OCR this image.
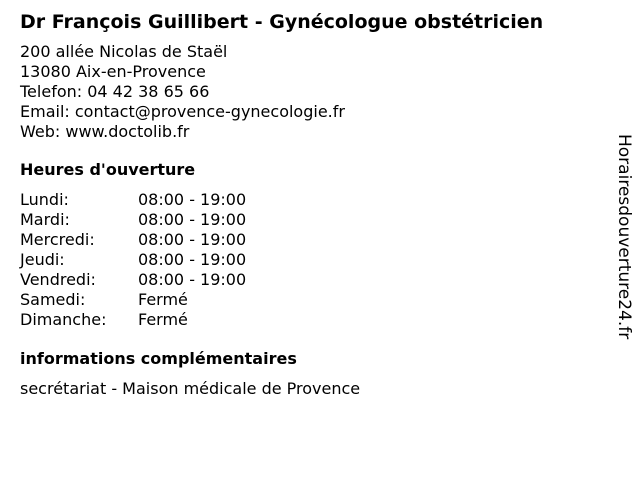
Dr François Guillibert - Gynécologue obstétricien
200 allée Nicolas de Staël
13080 Aix-en-Provence
Telefon: 04 42 38 65 66
Email: contact@provence-gynecologie.fr
Web: www.doctolib.fr
Heures d'ouverture
Lundi:	08:00 - 19:00
Mardi:	08:00 - 19:00
Mercredi:	08:00 - 19:00
Jeudi:	08:00 - 19:00
Vendredi:	08:00 - 19:00
Samedi:	Fermé
Dimanche:	Fermé
informations complémentaires
secrétariat - Maison médicale de Provence
Horairesdouverture24.fr
